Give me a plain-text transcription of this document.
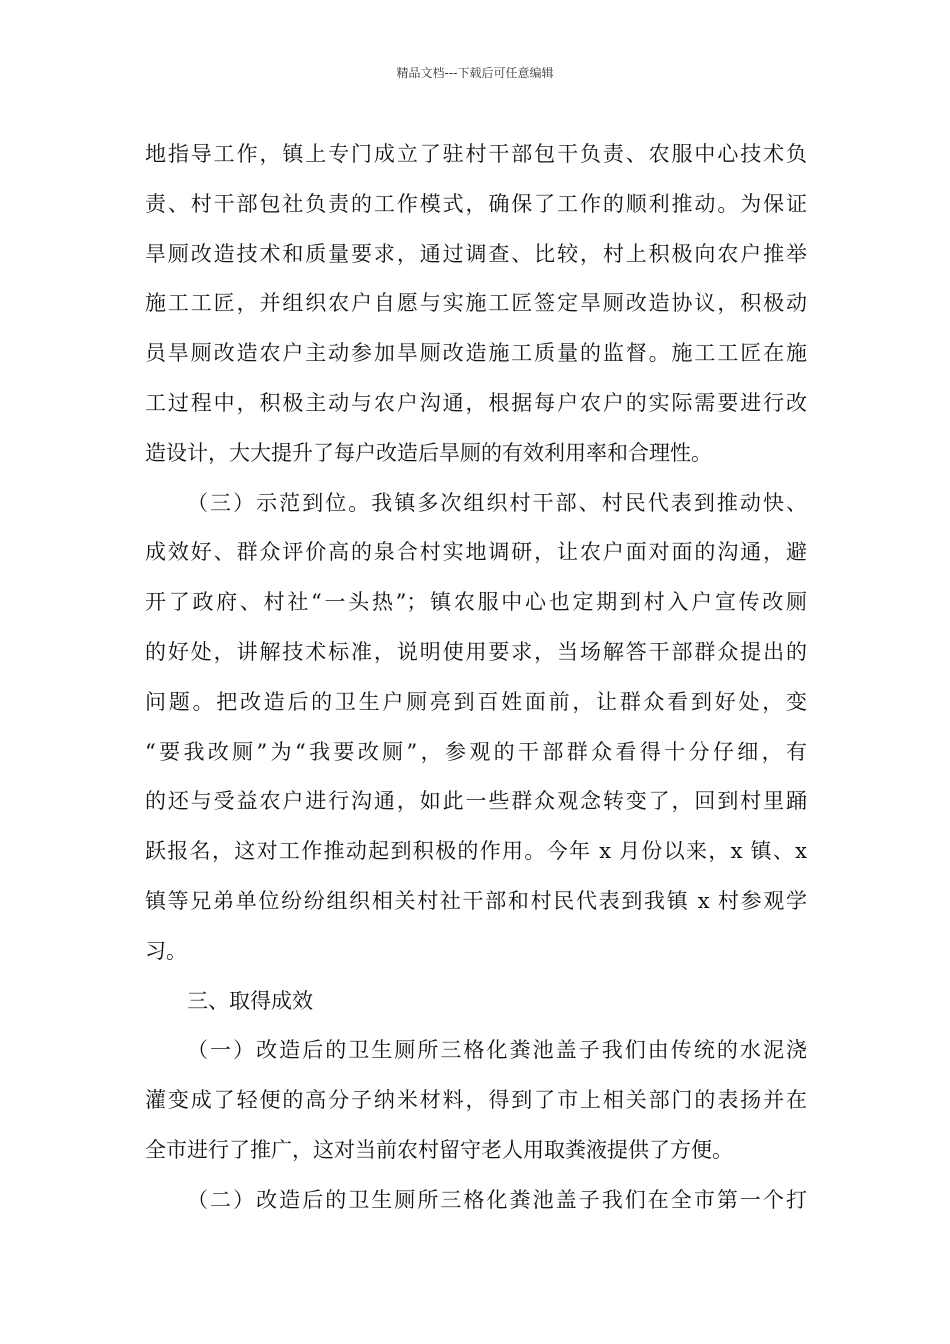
精品文档---下载后可任意编辑
地指导工作，镇上专门成立了驻村干部包干负责、农服中心技术负
责、村干部包社负责的工作模式，确保了工作的顺利推动。为保证
旱厕改造技术和质量要求，通过调查、比较，村上积极向农户推举
施工工匠，并组织农户自愿与实施工匠签定旱厕改造协议，积极动
员旱厕改造农户主动参加旱厕改造施工质量的监督。施工工匠在施
工过程中，积极主动与农户沟通，根据每户农户的实际需要进行改
造设计，大大提升了每户改造后旱厕的有效利用率和合理性。
（三）示范到位。我镇多次组织村干部、村民代表到推动快、
成效好、群众评价高的泉合村实地调研，让农户面对面的沟通，避
开了政府、村社“一头热”；镇农服中心也定期到村入户宣传改厕
的好处，讲解技术标准，说明使用要求，当场解答干部群众提出的
问题。把改造后的卫生户厕亮到百姓面前，让群众看到好处，变
“要我改厕”为“我要改厕”，参观的干部群众看得十分仔细，有
的还与受益农户进行沟通，如此一些群众观念转变了，回到村里踊
跃报名，这对工作推动起到积极的作用。今年 x 月份以来，x 镇、x
镇等兄弟单位纷纷组织相关村社干部和村民代表到我镇 x 村参观学
习。
三、取得成效
（一）改造后的卫生厕所三格化粪池盖子我们由传统的水泥浇
灌变成了轻便的高分子纳米材料，得到了市上相关部门的表扬并在
全市进行了推广，这对当前农村留守老人用取粪液提供了方便。
（二）改造后的卫生厕所三格化粪池盖子我们在全市第一个打
